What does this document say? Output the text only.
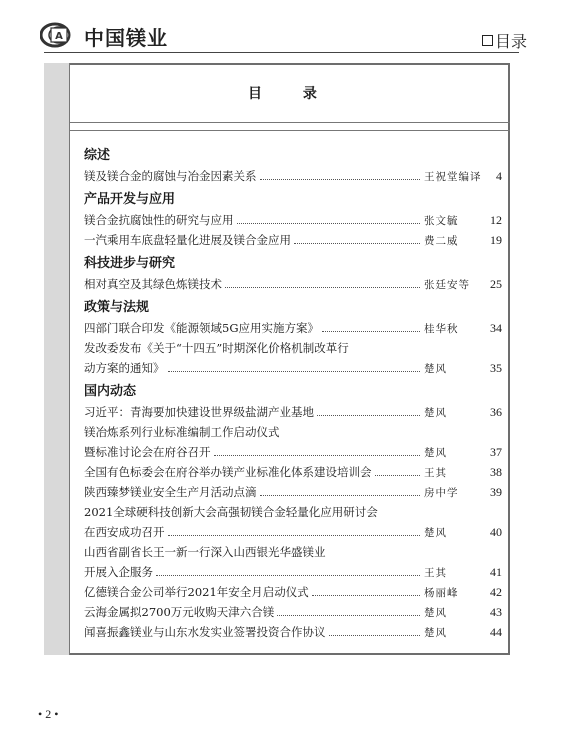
A 中国镁业	目录
目 录
综述
镁及镁合金的腐蚀与冶金因素关系	王祝堂编译	4
产品开发与应用
镁合金抗腐蚀性的研究与应用	张文毓	12
一汽乘用车底盘轻量化进展及镁合金应用	费二威	19
科技进步与研究
相对真空及其绿色炼镁技术	张廷安等	25
政策与法规
四部门联合印发《能源领域5G应用实施方案》	桂华秋	34
发改委发布《关于“十四五”时期深化价格机制改革行
动方案的通知》	楚风	35
国内动态
习近平：青海要加快建设世界级盐湖产业基地	楚风	36
镁冶炼系列行业标准编制工作启动仪式
暨标准讨论会在府谷召开	楚风	37
全国有色标委会在府谷举办镁产业标准化体系建设培训会	王其	38
陕西臻梦镁业安全生产月活动点滴	房中学	39
2021全球硬科技创新大会高强韧镁合金轻量化应用研讨会
在西安成功召开	楚风	40
山西省副省长王一新一行深入山西银光华盛镁业
开展入企服务	王其	41
亿德镁合金公司举行2021年安全月启动仪式	杨丽峰	42
云海金属拟2700万元收购天津六合镁	楚风	43
闻喜振鑫镁业与山东水发实业签署投资合作协议	楚风	44
• 2 •
